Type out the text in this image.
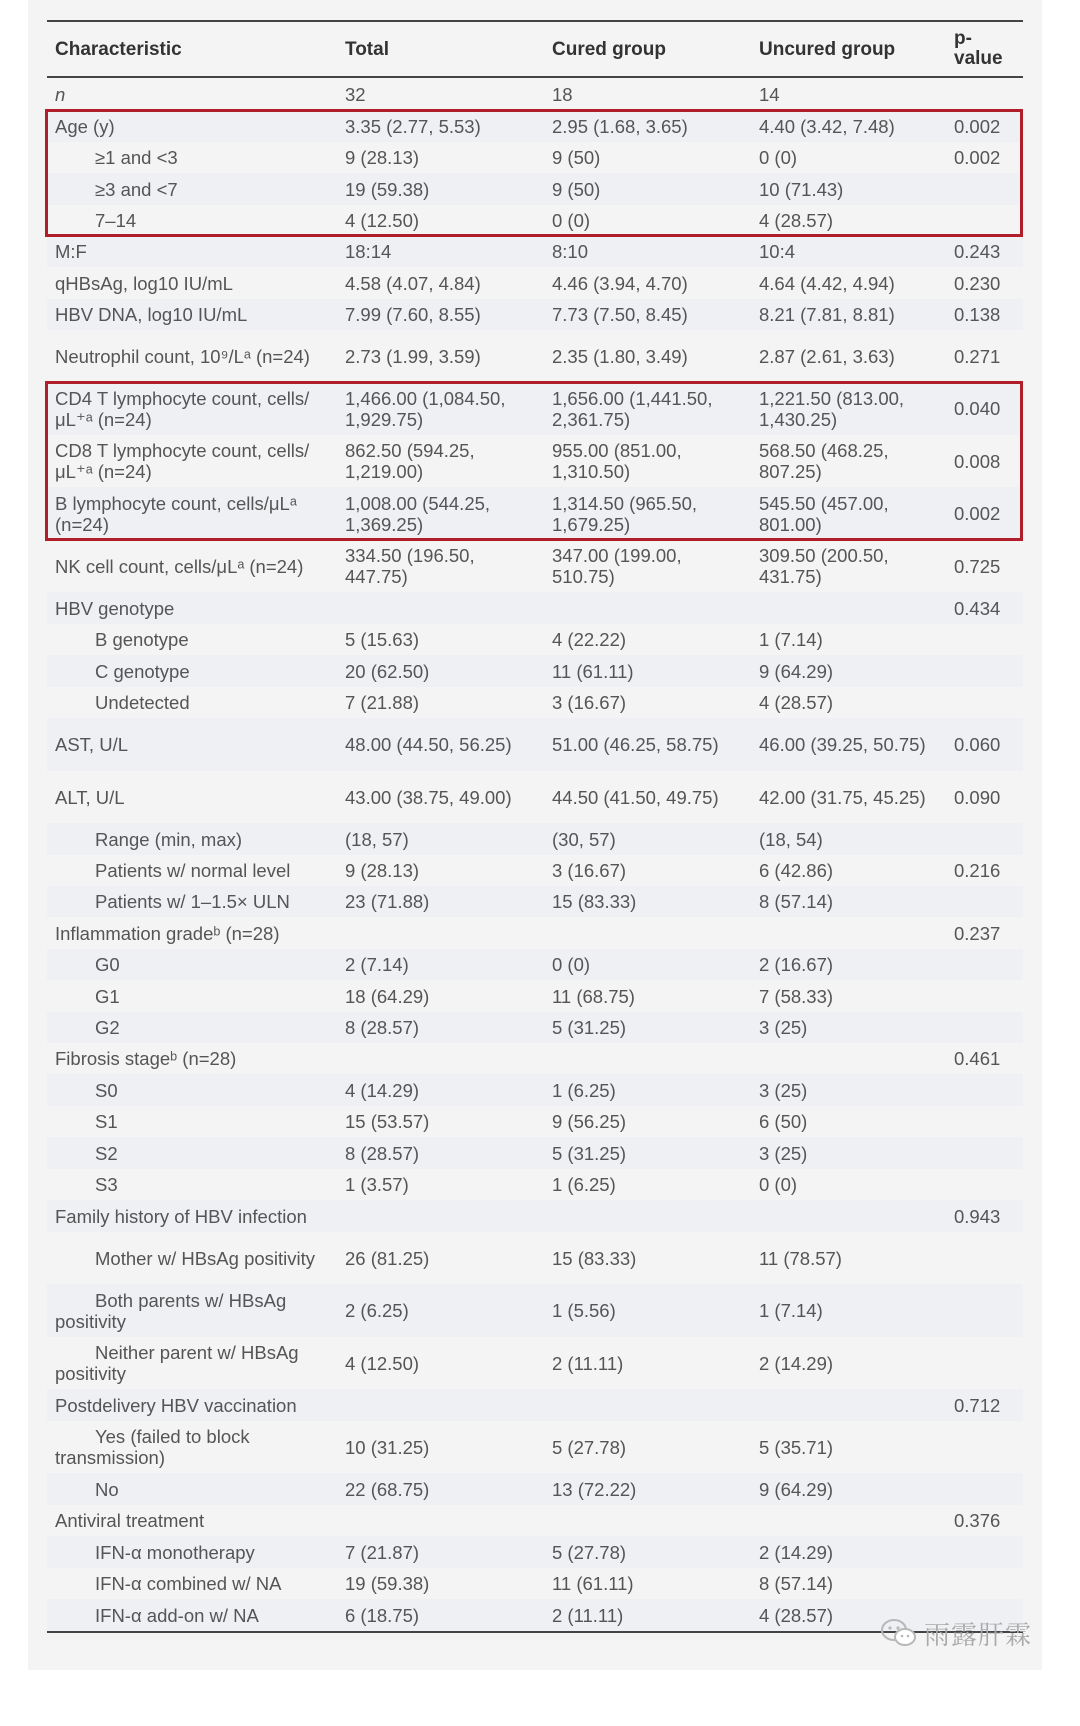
Characteristic	Total	Cured group	Uncured group	p-value
n	32	18	14	
Age (y)	3.35 (2.77, 5.53)	2.95 (1.68, 3.65)	4.40 (3.42, 7.48)	0.002
≥1 and <3	9 (28.13)	9 (50)	0 (0)	0.002
≥3 and <7	19 (59.38)	9 (50)	10 (71.43)	
7–14	4 (12.50)	0 (0)	4 (28.57)	
M:F	18:14	8:10	10:4	0.243
qHBsAg, log10 IU/mL	4.58 (4.07, 4.84)	4.46 (3.94, 4.70)	4.64 (4.42, 4.94)	0.230
HBV DNA, log10 IU/mL	7.99 (7.60, 8.55)	7.73 (7.50, 8.45)	8.21 (7.81, 8.81)	0.138
Neutrophil count, 10⁹/Lᵃ (n=24)	2.73 (1.99, 3.59)	2.35 (1.80, 3.49)	2.87 (2.61, 3.63)	0.271
CD4 T lymphocyte count, cells/μL⁺ᵃ (n=24)	1,466.00 (1,084.50, 1,929.75)	1,656.00 (1,441.50, 2,361.75)	1,221.50 (813.00, 1,430.25)	0.040
CD8 T lymphocyte count, cells/μL⁺ᵃ (n=24)	862.50 (594.25, 1,219.00)	955.00 (851.00, 1,310.50)	568.50 (468.25, 807.25)	0.008
B lymphocyte count, cells/μLᵃ (n=24)	1,008.00 (544.25, 1,369.25)	1,314.50 (965.50, 1,679.25)	545.50 (457.00, 801.00)	0.002
NK cell count, cells/μLᵃ (n=24)	334.50 (196.50, 447.75)	347.00 (199.00, 510.75)	309.50 (200.50, 431.75)	0.725
HBV genotype				0.434
B genotype	5 (15.63)	4 (22.22)	1 (7.14)	
C genotype	20 (62.50)	11 (61.11)	9 (64.29)	
Undetected	7 (21.88)	3 (16.67)	4 (28.57)	
AST, U/L	48.00 (44.50, 56.25)	51.00 (46.25, 58.75)	46.00 (39.25, 50.75)	0.060
ALT, U/L	43.00 (38.75, 49.00)	44.50 (41.50, 49.75)	42.00 (31.75, 45.25)	0.090
Range (min, max)	(18, 57)	(30, 57)	(18, 54)	
Patients w/ normal level	9 (28.13)	3 (16.67)	6 (42.86)	0.216
Patients w/ 1–1.5× ULN	23 (71.88)	15 (83.33)	8 (57.14)	
Inflammation gradeᵇ (n=28)				0.237
G0	2 (7.14)	0 (0)	2 (16.67)	
G1	18 (64.29)	11 (68.75)	7 (58.33)	
G2	8 (28.57)	5 (31.25)	3 (25)	
Fibrosis stageᵇ (n=28)				0.461
S0	4 (14.29)	1 (6.25)	3 (25)	
S1	15 (53.57)	9 (56.25)	6 (50)	
S2	8 (28.57)	5 (31.25)	3 (25)	
S3	1 (3.57)	1 (6.25)	0 (0)	
Family history of HBV infection				0.943
Mother w/ HBsAg positivity	26 (81.25)	15 (83.33)	11 (78.57)	
Both parents w/ HBsAg positivity	2 (6.25)	1 (5.56)	1 (7.14)	
Neither parent w/ HBsAg positivity	4 (12.50)	2 (11.11)	2 (14.29)	
Postdelivery HBV vaccination				0.712
Yes (failed to block transmission)	10 (31.25)	5 (27.78)	5 (35.71)	
No	22 (68.75)	13 (72.22)	9 (64.29)	
Antiviral treatment				0.376
IFN-α monotherapy	7 (21.87)	5 (27.78)	2 (14.29)	
IFN-α combined w/ NA	19 (59.38)	11 (61.11)	8 (57.14)	
IFN-α add-on w/ NA	6 (18.75)	2 (11.11)	4 (28.57)	
雨露肝霖
